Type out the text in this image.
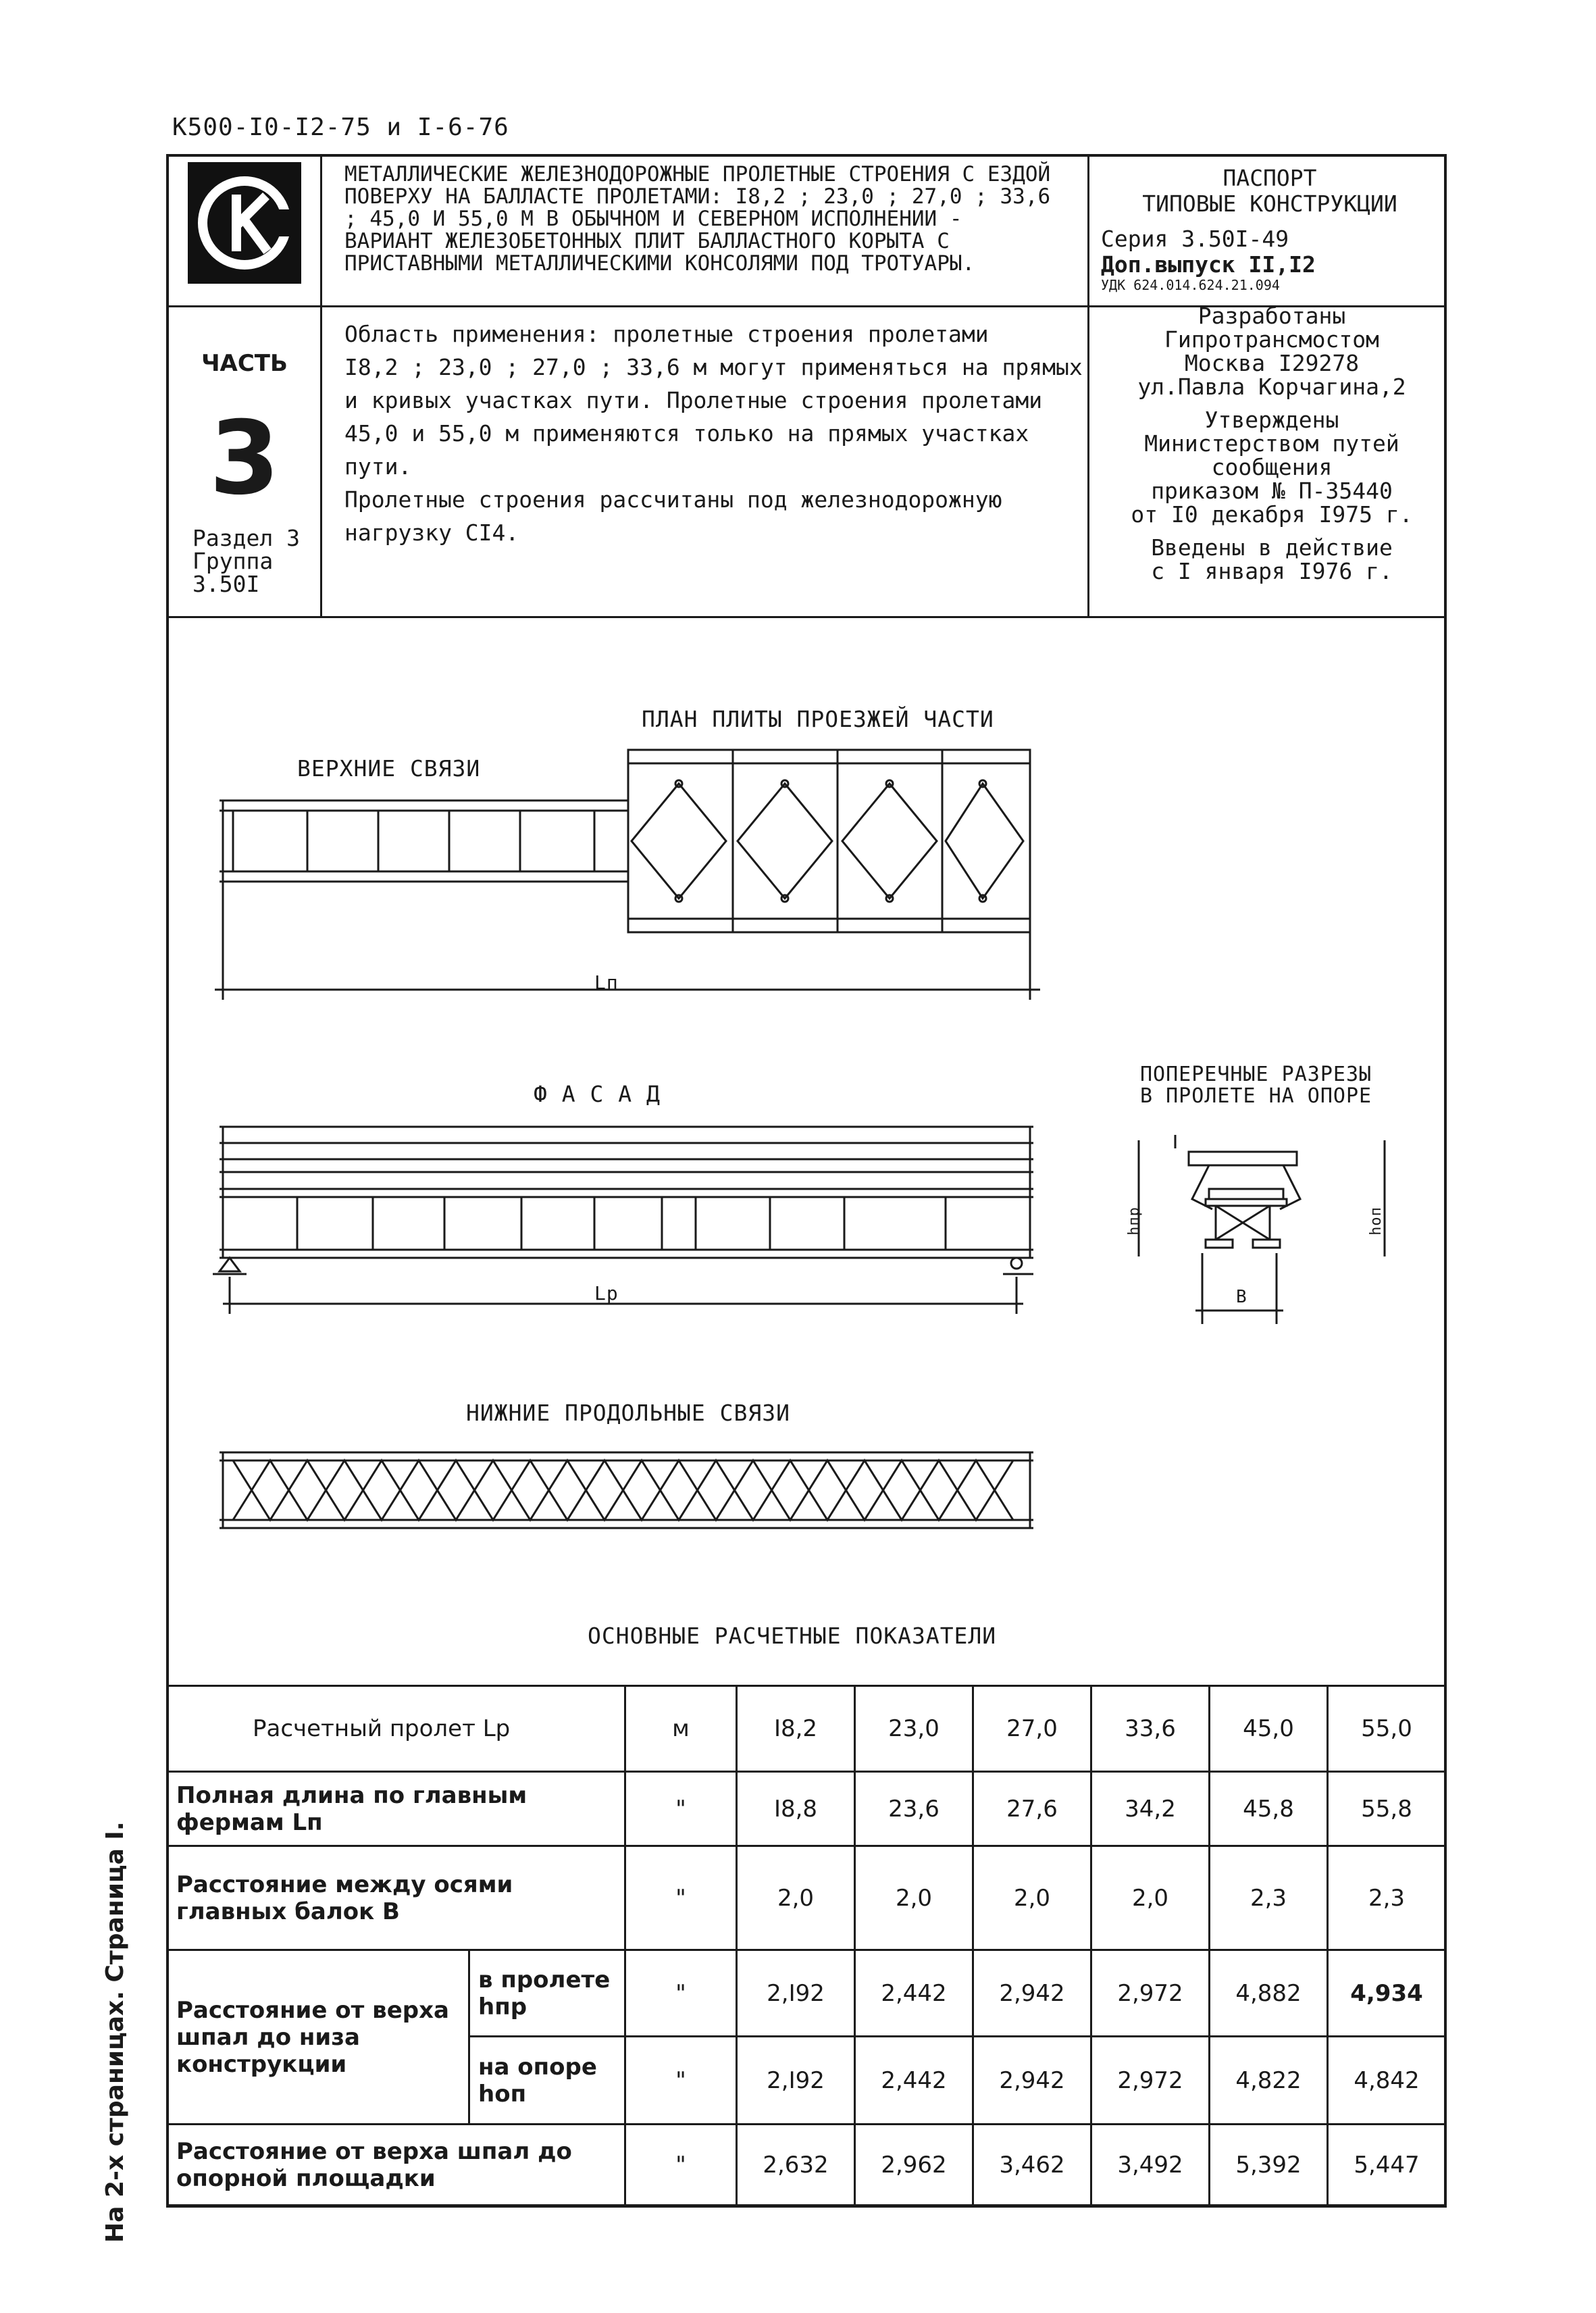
К500-I0-I2-75 и I-6-76
МЕТАЛЛИЧЕСКИЕ ЖЕЛЕЗНОДОРОЖНЫЕ ПРОЛЕТНЫЕ СТРОЕНИЯ С ЕЗДОЙ ПОВЕРХУ НА БАЛЛАСТЕ ПРОЛЕТАМИ: I8,2 ; 23,0 ; 27,0 ; 33,6 ; 45,0 И 55,0 М В ОБЫЧНОМ И СЕВЕРНОМ ИСПОЛНЕНИИ - ВАРИАНТ ЖЕЛЕЗОБЕТОННЫХ ПЛИТ БАЛЛАСТНОГО КОРЫТА С ПРИСТАВНЫМИ МЕТАЛЛИЧЕСКИМИ КОНСОЛЯМИ ПОД ТРОТУАРЫ.
ПАСПОРТ
ТИПОВЫЕ КОНСТРУКЦИИ
Серия 3.50I-49
Доп.выпуск II,I2
УДК 624.014.624.21.094
ЧАСТЬ
3
Раздел 3
Группа
3.50I
Область применения: пролетные строения пролетами
I8,2 ; 23,0 ; 27,0 ; 33,6 м могут применяться на прямых
и кривых участках пути. Пролетные строения пролетами
45,0 и 55,0 м применяются только на прямых участках
пути.
Пролетные строения рассчитаны под железнодорожную
нагрузку СI4.
Разработаны
Гипротрансмостом
Москва I29278
ул.Павла Корчагина,2
Утверждены
Министерством путей
сообщения
приказом № П-35440
от I0 декабря I975 г.
Введены в действие
с I января I976 г.
ПЛАН ПЛИТЫ ПРОЕЗЖЕЙ ЧАСТИ
ВЕРХНИЕ СВЯЗИ
Lп
Ф А С А Д
Lр
ПОПЕРЕЧНЫЕ РАЗРЕЗЫ
В ПРОЛЕТЕ НА ОПОРЕ
hпр	hоп
В
НИЖНИЕ ПРОДОЛЬНЫЕ СВЯЗИ
ОСНОВНЫЕ РАСЧЕТНЫЕ ПОКАЗАТЕЛИ
Расчетный пролет Lр		м	I8,2	23,0	27,0	33,6	45,0	55,0
Полная длина по главным фермам Lп		"	I8,8	23,6	27,6	34,2	45,8	55,8
Расстояние между осями главных балок В		"	2,0	2,0	2,0	2,0	2,3	2,3
Расстояние от верха шпал до низа конструкции	в пролете hпр	"	2,I92	2,442	2,942	2,972	4,882	4,934
	на опоре hоп	"	2,I92	2,442	2,942	2,972	4,822	4,842
Расстояние от верха шпал до опорной площадки		"	2,632	2,962	3,462	3,492	5,392	5,447
На 2-х страницах. Страница I.
